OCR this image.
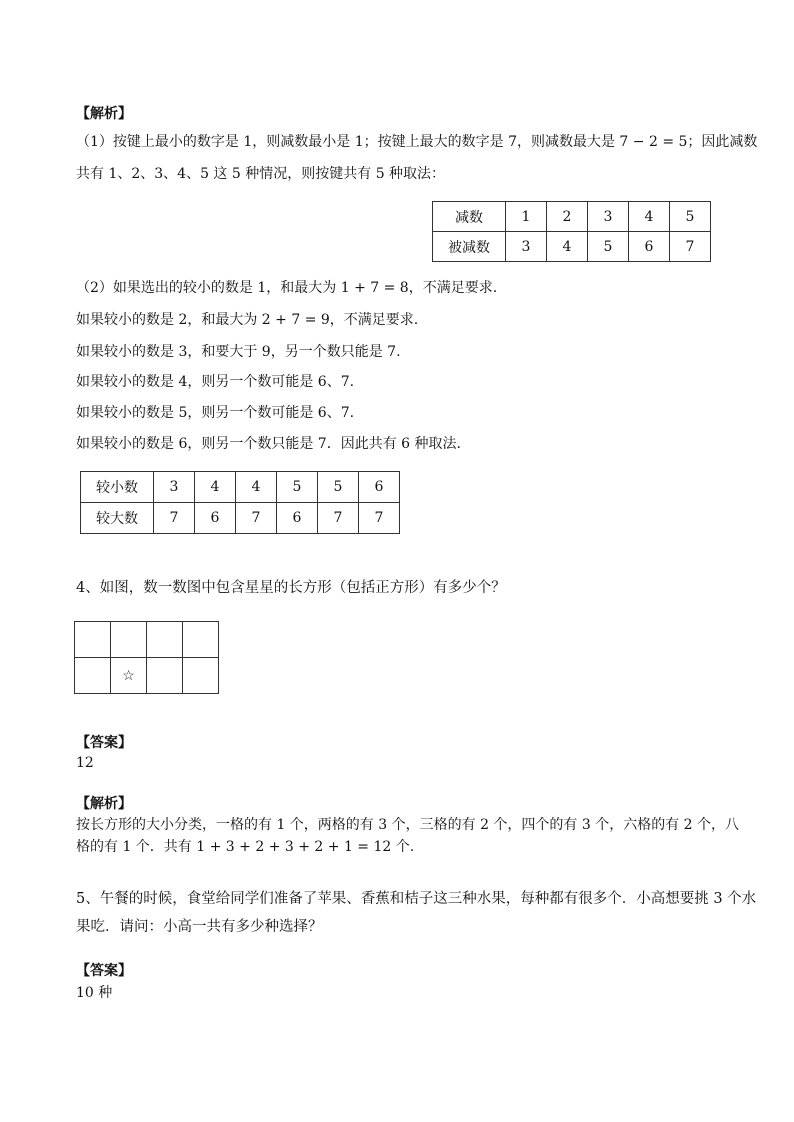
【解析】
（1）按键上最小的数字是 1，则减数最小是 1；按键上最大的数字是 7，则减数最大是 7 − 2 = 5；因此减数
共有 1、2、3、4、5 这 5 种情况，则按键共有 5 种取法：
减数	1	2	3	4	5
被减数	3	4	5	6	7
（2）如果选出的较小的数是 1，和最大为 1 + 7 = 8，不满足要求.
如果较小的数是 2，和最大为 2 + 7 = 9，不满足要求.
如果较小的数是 3，和要大于 9，另一个数只能是 7.
如果较小的数是 4，则另一个数可能是 6、7.
如果较小的数是 5，则另一个数可能是 6、7.
如果较小的数是 6，则另一个数只能是 7．因此共有 6 种取法.
较小数	3	4	4	5	5	6
较大数	7	6	7	6	7	7
4、如图，数一数图中包含星星的长方形（包括正方形）有多少个？

	☆		
【答案】
12
【解析】
按长方形的大小分类，一格的有 1 个，两格的有 3 个，三格的有 2 个，四个的有 3 个，六格的有 2 个，八
格的有 1 个．共有 1 + 3 + 2 + 3 + 2 + 1 = 12 个.
5、午餐的时候，食堂给同学们准备了苹果、香蕉和桔子这三种水果，每种都有很多个．小高想要挑 3 个水
果吃．请问：小高一共有多少种选择？
【答案】
10 种
